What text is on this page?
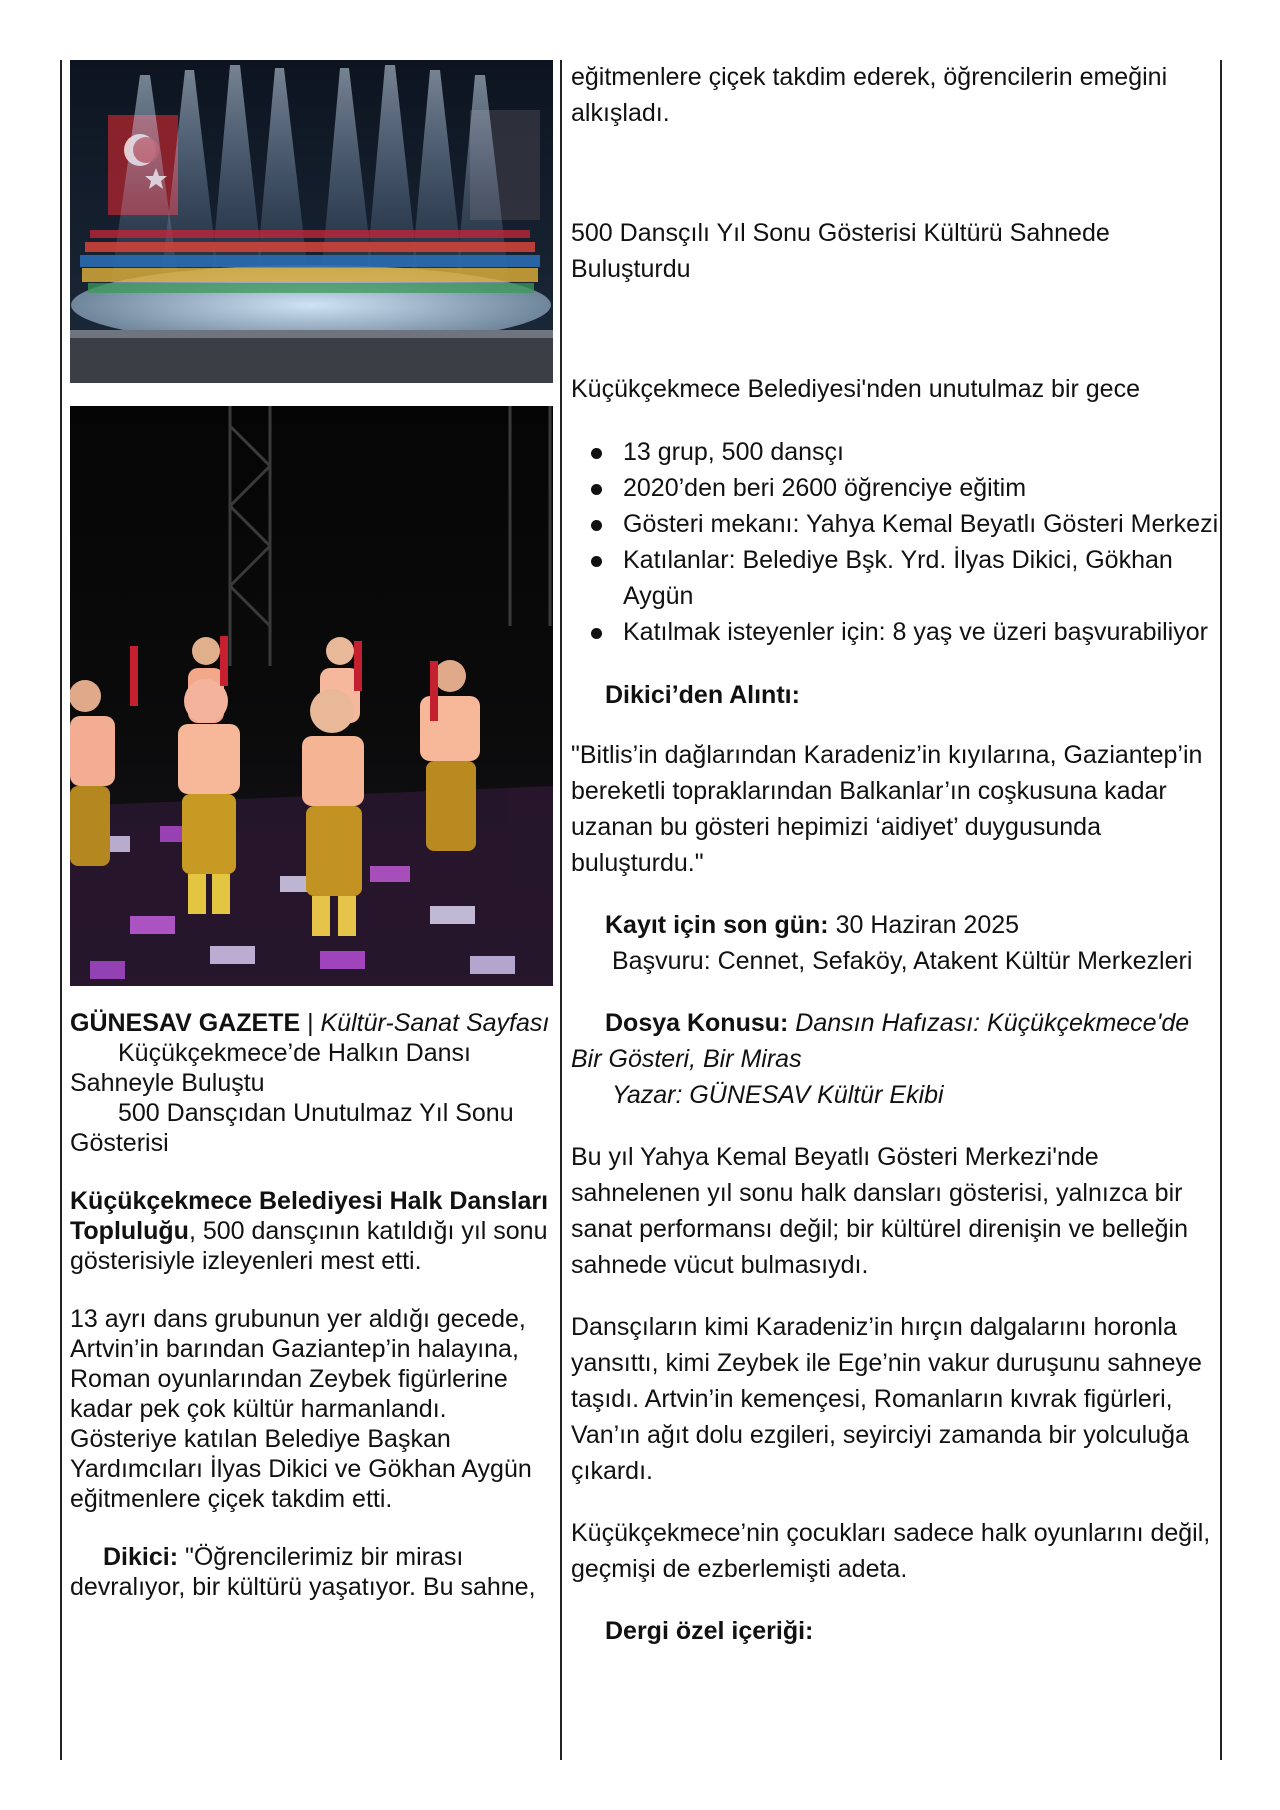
GÜNESAV GAZETE | Kültür-Sanat Sayfası

Küçükçekmece’de Halkın Dansı Sahneyle Buluştu

500 Dansçıdan Unutulmaz Yıl Sonu Gösterisi

Küçükçekmece Belediyesi Halk Dansları Topluluğu, 500 dansçının katıldığı yıl sonu gösterisiyle izleyenleri mest etti.

13 ayrı dans grubunun yer aldığı gecede, Artvin’in barından Gaziantep’in halayına, Roman oyunlarından Zeybek figürlerine kadar pek çok kültür harmanlandı. Gösteriye katılan Belediye Başkan Yardımcıları İlyas Dikici ve Gökhan Aygün eğitmenlere çiçek takdim etti.

Dikici: "Öğrencilerimiz bir mirası devralıyor, bir kültürü yaşatıyor. Bu sahne,

eğitmenlere çiçek takdim ederek, öğrencilerin emeğini alkışladı.

500 Dansçılı Yıl Sonu Gösterisi Kültürü Sahnede Buluşturdu

Küçükçekmece Belediyesi'nden unutulmaz bir gece

13 grup, 500 dansçı
2020’den beri 2600 öğrenciye eğitim
Gösteri mekanı: Yahya Kemal Beyatlı Gösteri Merkezi
Katılanlar: Belediye Bşk. Yrd. İlyas Dikici, Gökhan Aygün
Katılmak isteyenler için: 8 yaş ve üzeri başvurabiliyor

Dikici’den Alıntı:

"Bitlis’in dağlarından Karadeniz’in kıyılarına, Gaziantep’in bereketli topraklarından Balkanlar’ın coşkusuna kadar uzanan bu gösteri hepimizi ‘aidiyet’ duygusunda buluşturdu."

Kayıt için son gün: 30 Haziran 2025

Başvuru: Cennet, Sefaköy, Atakent Kültür Merkezleri

Dosya Konusu: Dansın Hafızası: Küçükçekmece'de Bir Gösteri, Bir Miras

Yazar: GÜNESAV Kültür Ekibi

Bu yıl Yahya Kemal Beyatlı Gösteri Merkezi'nde sahnelenen yıl sonu halk dansları gösterisi, yalnızca bir sanat performansı değil; bir kültürel direnişin ve belleğin sahnede vücut bulmasıydı.

Dansçıların kimi Karadeniz’in hırçın dalgalarını horonla yansıttı, kimi Zeybek ile Ege’nin vakur duruşunu sahneye taşıdı. Artvin’in kemençesi, Romanların kıvrak figürleri, Van’ın ağıt dolu ezgileri, seyirciyi zamanda bir yolculuğa çıkardı.

Küçükçekmece’nin çocukları sadece halk oyunlarını değil, geçmişi de ezberlemişti adeta.

Dergi özel içeriği:
